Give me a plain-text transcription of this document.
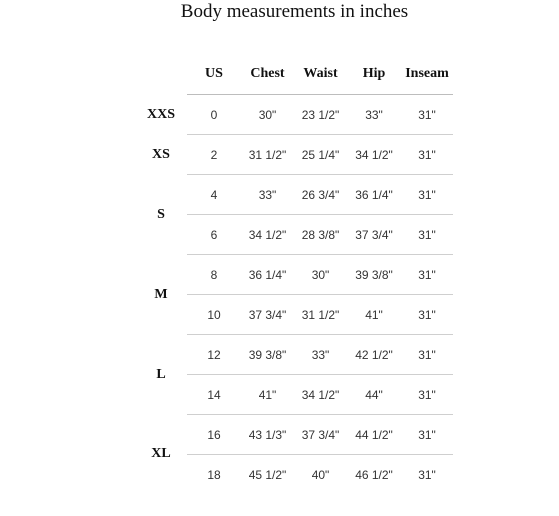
Body measurements in inches
	US	Chest	Waist	Hip	Inseam
XXS	0	30"	23 1/2"	33"	31"
XS	2	31 1/2"	25 1/4"	34 1/2"	31"
S	4	33"	26 3/4"	36 1/4"	31"
	6	34 1/2"	28 3/8"	37 3/4"	31"
M	8	36 1/4"	30"	39 3/8"	31"
	10	37 3/4"	31 1/2"	41"	31"
L	12	39 3/8"	33"	42 1/2"	31"
	14	41"	34 1/2"	44"	31"
XL	16	43 1/3"	37 3/4"	44 1/2"	31"
	18	45 1/2"	40"	46 1/2"	31"
